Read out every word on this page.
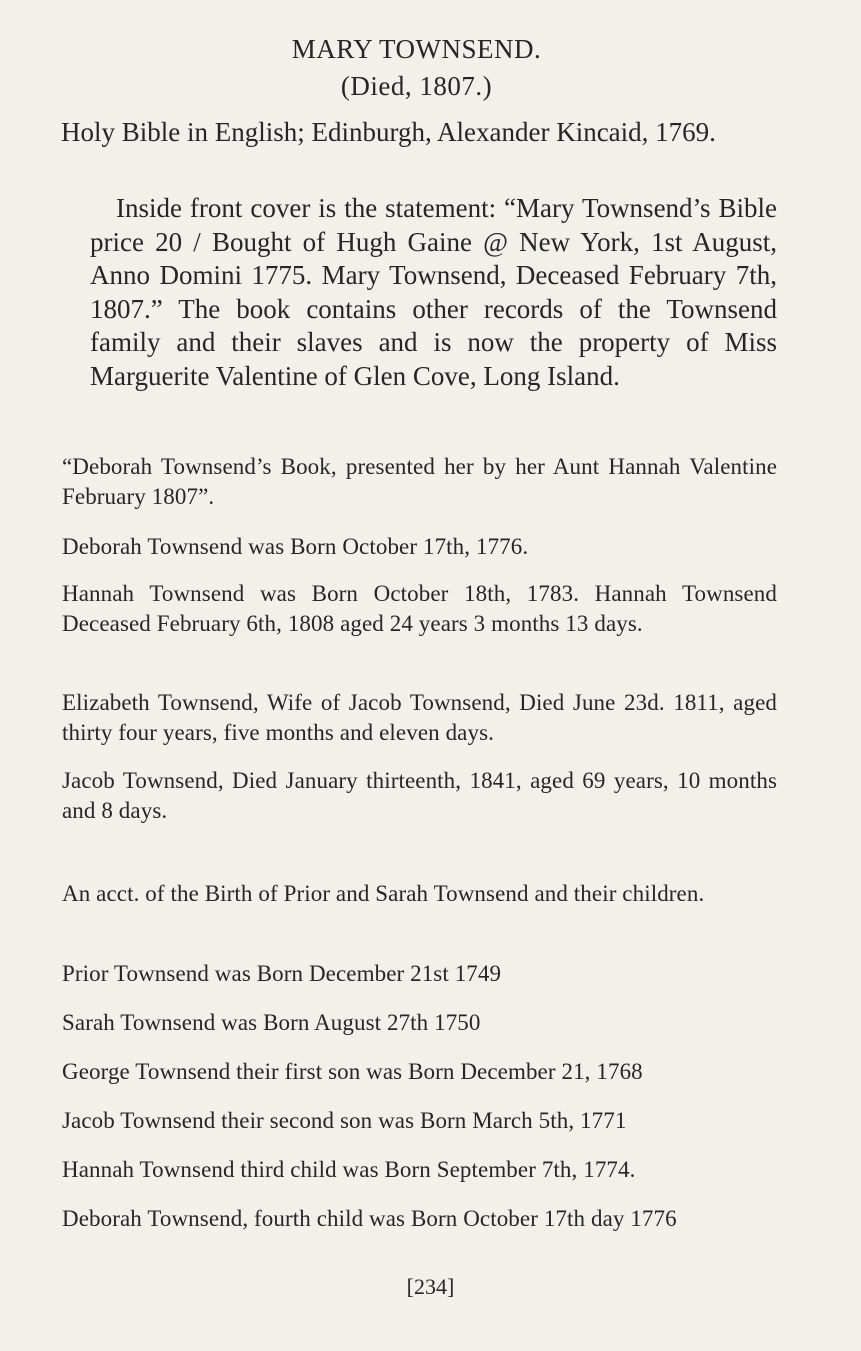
MARY TOWNSEND.
(Died, 1807.)

Holy Bible in English; Edinburgh, Alexander Kincaid, 1769.

Inside front cover is the statement: “Mary Townsend’s Bible price 20 / Bought of Hugh Gaine @ New York, 1st August, Anno Domini 1775. Mary Townsend, Deceased February 7th, 1807.” The book contains other records of the Townsend family and their slaves and is now the property of Miss Marguerite Valentine of Glen Cove, Long Island.

“Deborah Townsend’s Book, presented her by her Aunt Hannah Valentine February 1807”.

Deborah Townsend was Born October 17th, 1776.

Hannah Townsend was Born October 18th, 1783. Hannah Townsend Deceased February 6th, 1808 aged 24 years 3 months 13 days.

Elizabeth Townsend, Wife of Jacob Townsend, Died June 23d. 1811, aged thirty four years, five months and eleven days.

Jacob Townsend, Died January thirteenth, 1841, aged 69 years, 10 months and 8 days.

An acct. of the Birth of Prior and Sarah Townsend and their children.

Prior Townsend was Born December 21st 1749

Sarah Townsend was Born August 27th 1750

George Townsend their first son was Born December 21, 1768

Jacob Townsend their second son was Born March 5th, 1771

Hannah Townsend third child was Born September 7th, 1774.

Deborah Townsend, fourth child was Born October 17th day 1776

[234]
